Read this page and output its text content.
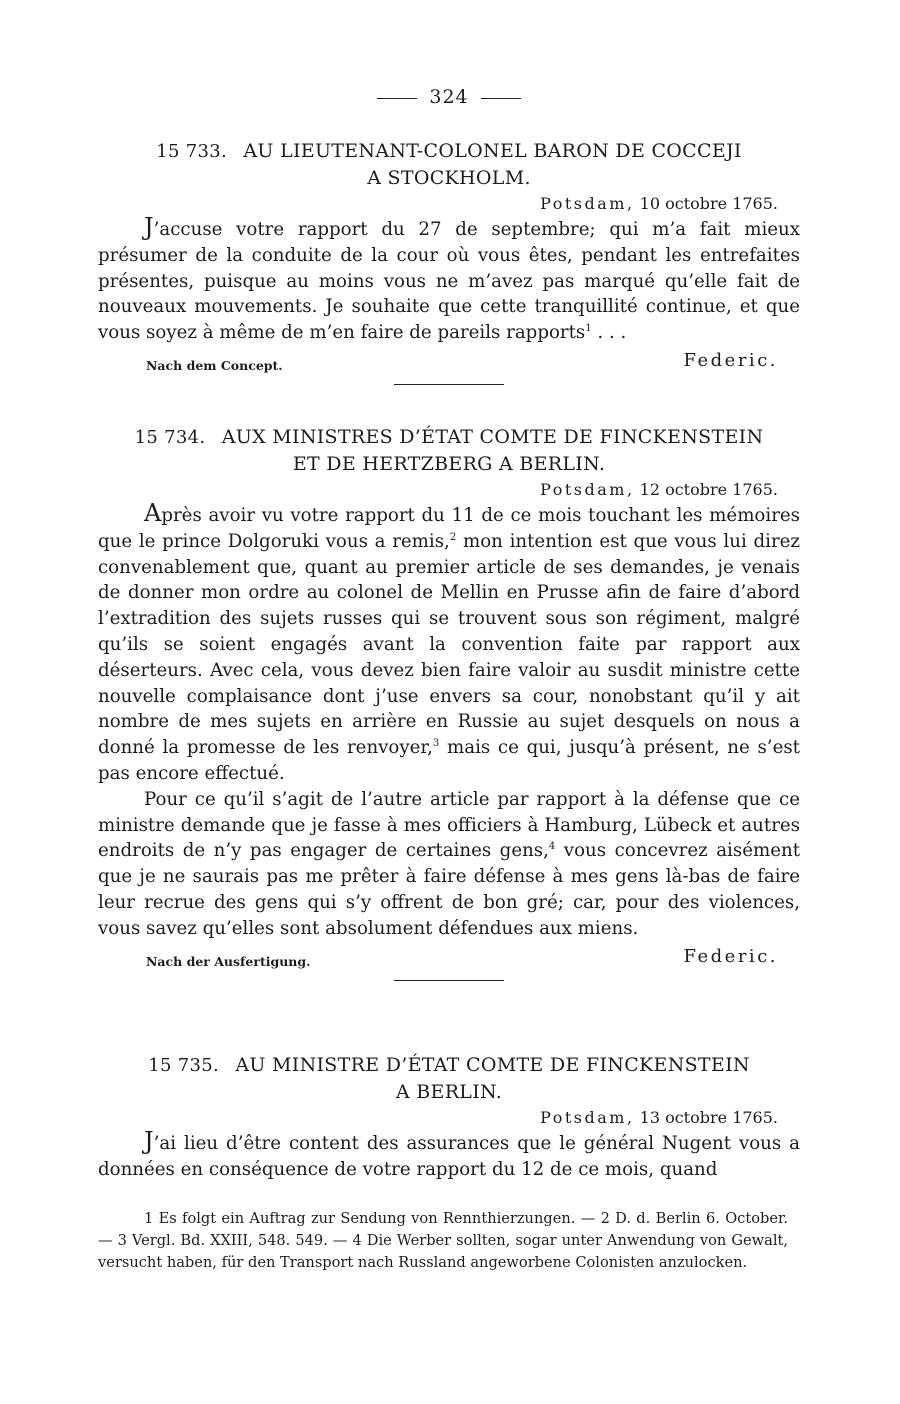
324
15 733. AU LIEUTENANT-COLONEL BARON DE COCCEJI
A STOCKHOLM.
Potsdam, 10 octobre 1765.

J’accuse votre rapport du 27 de septembre; qui m’a fait mieux présumer de la conduite de la cour où vous êtes, pendant les entrefaites présentes, puisque au moins vous ne m’avez pas marqué qu’elle fait de nouveaux mouvements. Je souhaite que cette tranquillité continue, et que vous soyez à même de m’en faire de pareils rapports$^1$ . . .

Nach dem Concept.	Federic.
15 734. AUX MINISTRES D’ÉTAT COMTE DE FINCKENSTEIN
ET DE HERTZBERG A BERLIN.
Potsdam, 12 octobre 1765.

Après avoir vu votre rapport du 11 de ce mois touchant les mémoires que le prince Dolgoruki vous a remis,$^2$ mon intention est que vous lui direz convenablement que, quant au premier article de ses demandes, je venais de donner mon ordre au colonel de Mellin en Prusse afin de faire d’abord l’extradition des sujets russes qui se trouvent sous son régiment, malgré qu’ils se soient engagés avant la convention faite par rapport aux déserteurs. Avec cela, vous devez bien faire valoir au susdit ministre cette nouvelle complaisance dont j’use envers sa cour, nonobstant qu’il y ait nombre de mes sujets en arrière en Russie au sujet desquels on nous a donné la promesse de les renvoyer,$^3$ mais ce qui, jusqu’à présent, ne s’est pas encore effectué.

Pour ce qu’il s’agit de l’autre article par rapport à la défense que ce ministre demande que je fasse à mes officiers à Hamburg, Lübeck et autres endroits de n’y pas engager de certaines gens,$^4$ vous concevrez aisément que je ne saurais pas me prêter à faire défense à mes gens là-bas de faire leur recrue des gens qui s’y offrent de bon gré; car, pour des violences, vous savez qu’elles sont absolument défendues aux miens.

Nach der Ausfertigung.	Federic.
15 735. AU MINISTRE D’ÉTAT COMTE DE FINCKENSTEIN
A BERLIN.
Potsdam, 13 octobre 1765.

J’ai lieu d’être content des assurances que le général Nugent vous a données en conséquence de votre rapport du 12 de ce mois, quand

1 Es folgt ein Auftrag zur Sendung von Rennthierzungen. — 2 D. d. Berlin 6. October. — 3 Vergl. Bd. XXIII, 548. 549. — 4 Die Werber sollten, sogar unter Anwendung von Gewalt, versucht haben, für den Transport nach Russland angeworbene Colonisten anzulocken.
